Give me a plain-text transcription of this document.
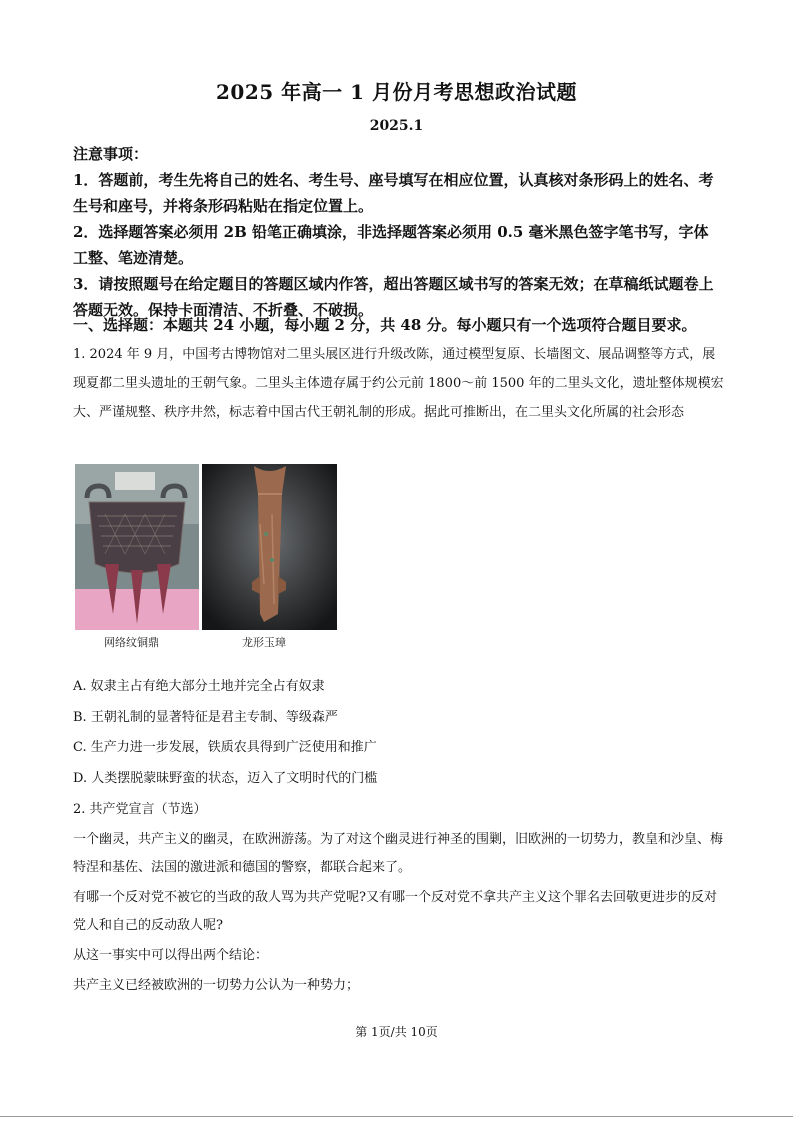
2025 年高一 1 月份月考思想政治试题
2025.1

注意事项：

1．答题前，考生先将自己的姓名、考生号、座号填写在相应位置，认真核对条形码上的姓名、考生号和座号，并将条形码粘贴在指定位置上。

2．选择题答案必须用 2B 铅笔正确填涂，非选择题答案必须用 0.5 毫米黑色签字笔书写，字体工整、笔迹清楚。

3．请按照题号在给定题目的答题区域内作答，超出答题区域书写的答案无效；在草稿纸试题卷上答题无效。保持卡面清洁、不折叠、不破损。

一、选择题：本题共 24 小题，每小题 2 分，共 48 分。每小题只有一个选项符合题目要求。
1. 2024 年 9 月，中国考古博物馆对二里头展区进行升级改陈，通过模型复原、长墙图文、展品调整等方式，展现夏都二里头遗址的王朝气象。二里头主体遗存属于约公元前 1800～前 1500 年的二里头文化，遗址整体规模宏大、严谨规整、秩序井然，标志着中国古代王朝礼制的形成。据此可推断出，在二里头文化所属的社会形态
网络纹铜鼎	龙形玉璋
A. 奴隶主占有绝大部分土地并完全占有奴隶
B. 王朝礼制的显著特征是君主专制、等级森严
C. 生产力进一步发展，铁质农具得到广泛使用和推广
D. 人类摆脱蒙昧野蛮的状态，迈入了文明时代的门槛

2. 共产党宣言（节选）

一个幽灵，共产主义的幽灵，在欧洲游荡。为了对这个幽灵进行神圣的围剿，旧欧洲的一切势力，教皇和沙皇、梅特涅和基佐、法国的激进派和德国的警察，都联合起来了。

有哪一个反对党不被它的当政的敌人骂为共产党呢?又有哪一个反对党不拿共产主义这个罪名去回敬更进步的反对党人和自己的反动敌人呢?

从这一事实中可以得出两个结论：

共产主义已经被欧洲的一切势力公认为一种势力；

第 1页/共 10页
